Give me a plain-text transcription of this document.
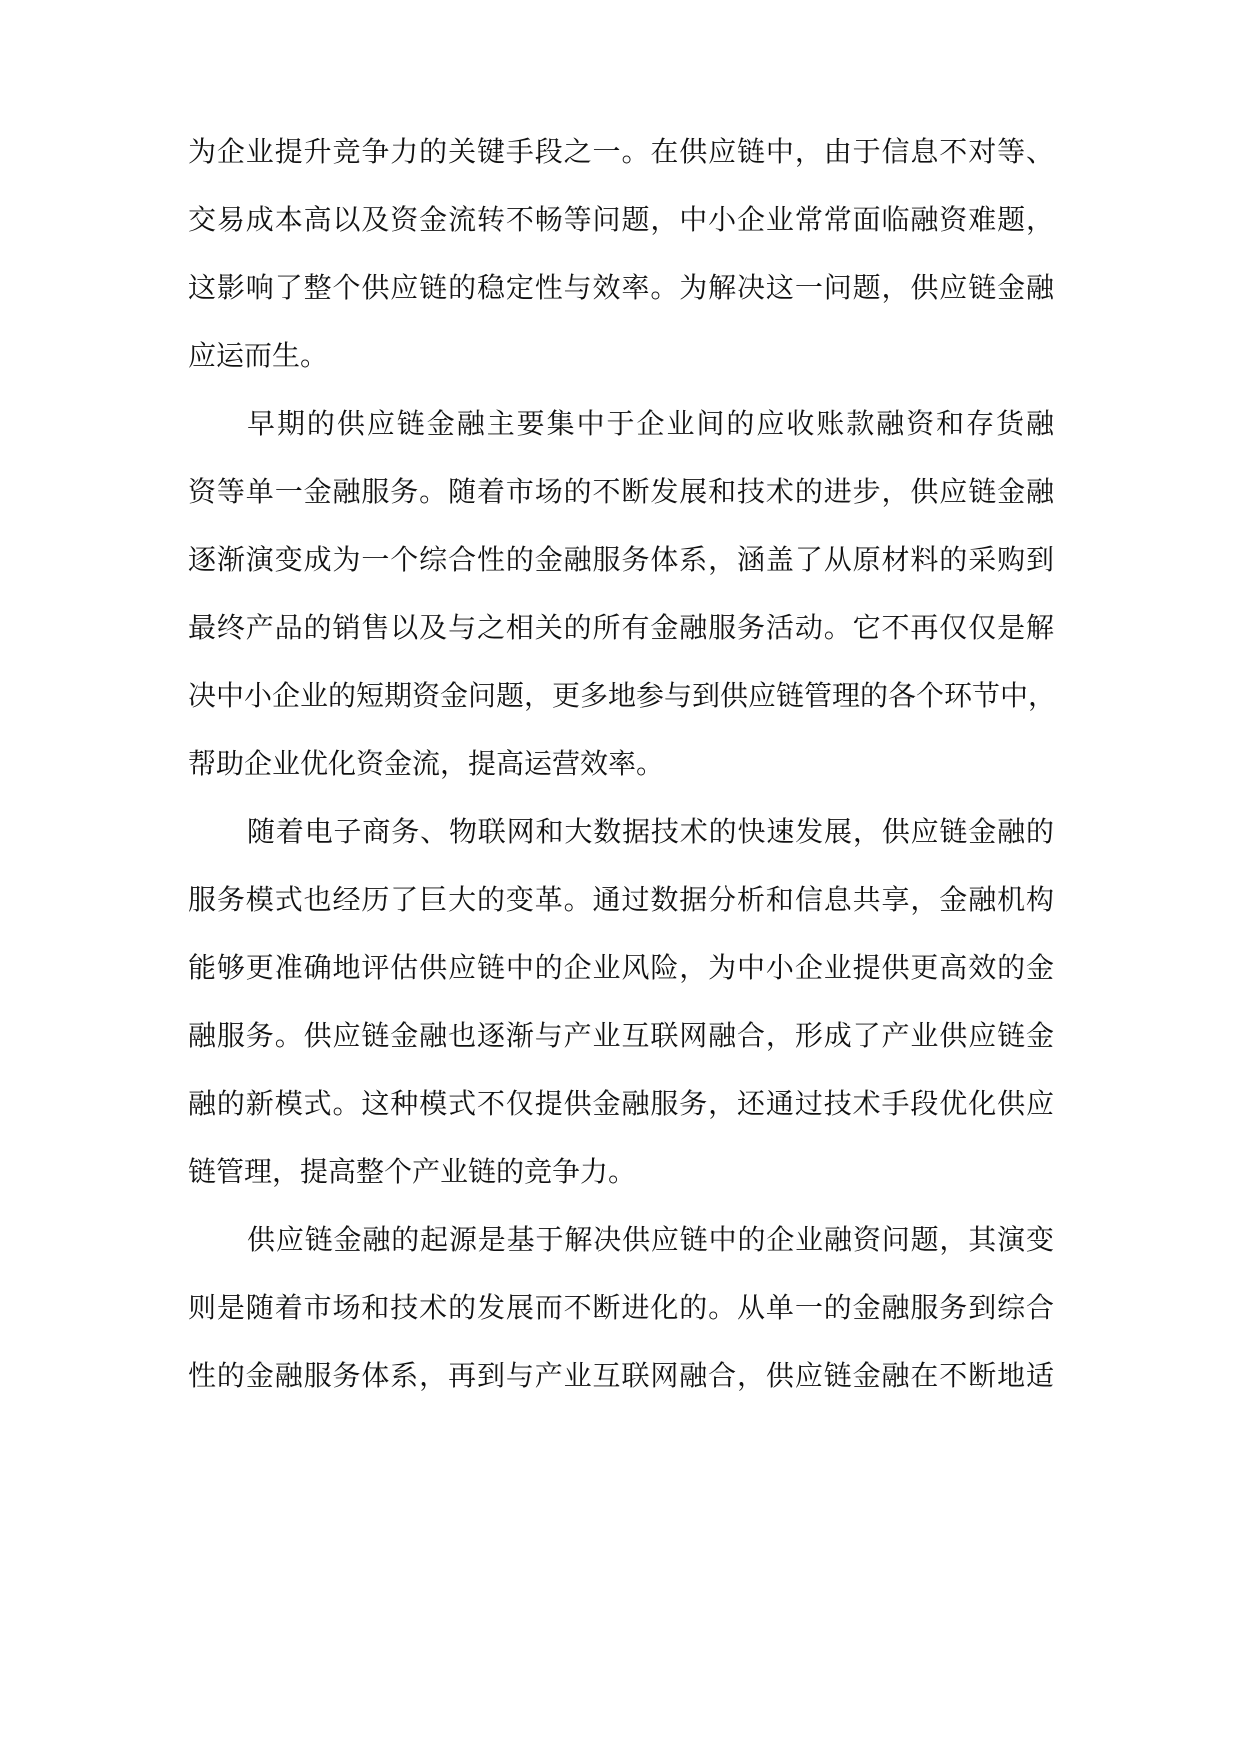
为企业提升竞争力的关键手段之一。在供应链中，由于信息不对等、
交易成本高以及资金流转不畅等问题，中小企业常常面临融资难题，
这影响了整个供应链的稳定性与效率。为解决这一问题，供应链金融
应运而生。
早期的供应链金融主要集中于企业间的应收账款融资和存货融
资等单一金融服务。随着市场的不断发展和技术的进步，供应链金融
逐渐演变成为一个综合性的金融服务体系，涵盖了从原材料的采购到
最终产品的销售以及与之相关的所有金融服务活动。它不再仅仅是解
决中小企业的短期资金问题，更多地参与到供应链管理的各个环节中，
帮助企业优化资金流，提高运营效率。
随着电子商务、物联网和大数据技术的快速发展，供应链金融的
服务模式也经历了巨大的变革。通过数据分析和信息共享，金融机构
能够更准确地评估供应链中的企业风险，为中小企业提供更高效的金
融服务。供应链金融也逐渐与产业互联网融合，形成了产业供应链金
融的新模式。这种模式不仅提供金融服务，还通过技术手段优化供应
链管理，提高整个产业链的竞争力。
供应链金融的起源是基于解决供应链中的企业融资问题，其演变
则是随着市场和技术的发展而不断进化的。从单一的金融服务到综合
性的金融服务体系，再到与产业互联网融合，供应链金融在不断地适
